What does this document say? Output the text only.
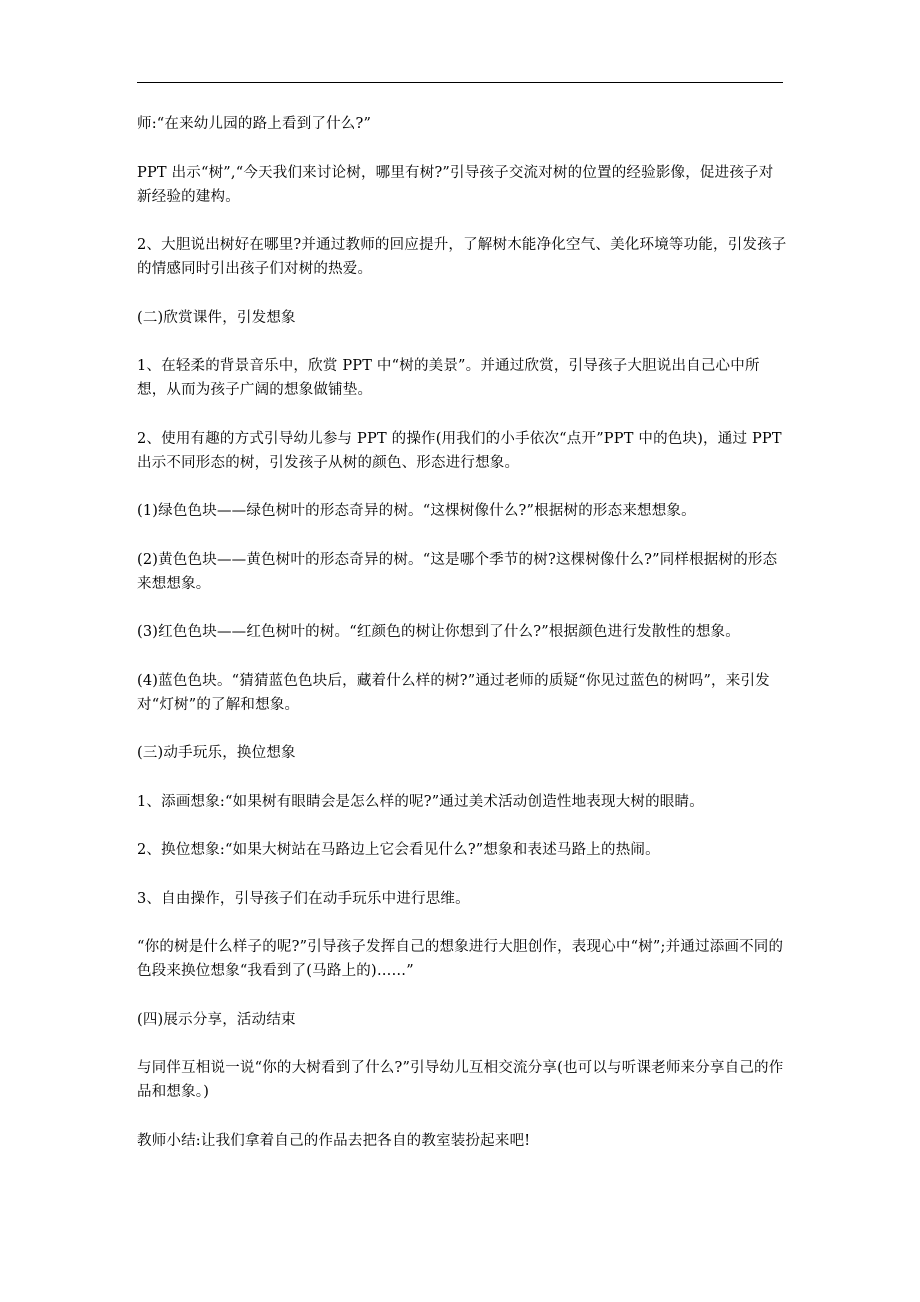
师:“在来幼儿园的路上看到了什么?”

PPT 出示“树”,“今天我们来讨论树，哪里有树?”引导孩子交流对树的位置的经验影像，促进孩子对新经验的建构。

2、大胆说出树好在哪里?并通过教师的回应提升，了解树木能净化空气、美化环境等功能，引发孩子的情感同时引出孩子们对树的热爱。

(二)欣赏课件，引发想象

1、在轻柔的背景音乐中，欣赏 PPT 中“树的美景”。并通过欣赏，引导孩子大胆说出自己心中所想，从而为孩子广阔的想象做铺垫。

2、使用有趣的方式引导幼儿参与 PPT 的操作(用我们的小手依次“点开”PPT 中的色块)，通过 PPT 出示不同形态的树，引发孩子从树的颜色、形态进行想象。

(1)绿色色块——绿色树叶的形态奇异的树。“这棵树像什么?”根据树的形态来想想象。

(2)黄色色块——黄色树叶的形态奇异的树。“这是哪个季节的树?这棵树像什么?”同样根据树的形态来想想象。

(3)红色色块——红色树叶的树。“红颜色的树让你想到了什么?”根据颜色进行发散性的想象。

(4)蓝色色块。“猜猜蓝色色块后，藏着什么样的树?”通过老师的质疑“你见过蓝色的树吗”，来引发对“灯树”的了解和想象。

(三)动手玩乐，换位想象

1、添画想象:“如果树有眼睛会是怎么样的呢?”通过美术活动创造性地表现大树的眼睛。

2、换位想象:“如果大树站在马路边上它会看见什么?”想象和表述马路上的热闹。

3、自由操作，引导孩子们在动手玩乐中进行思维。

“你的树是什么样子的呢?”引导孩子发挥自己的想象进行大胆创作，表现心中“树”;并通过添画不同的色段来换位想象“我看到了(马路上的)……”

(四)展示分享，活动结束

与同伴互相说一说“你的大树看到了什么?”引导幼儿互相交流分享(也可以与听课老师来分享自己的作品和想象。)

教师小结:让我们拿着自己的作品去把各自的教室装扮起来吧!
